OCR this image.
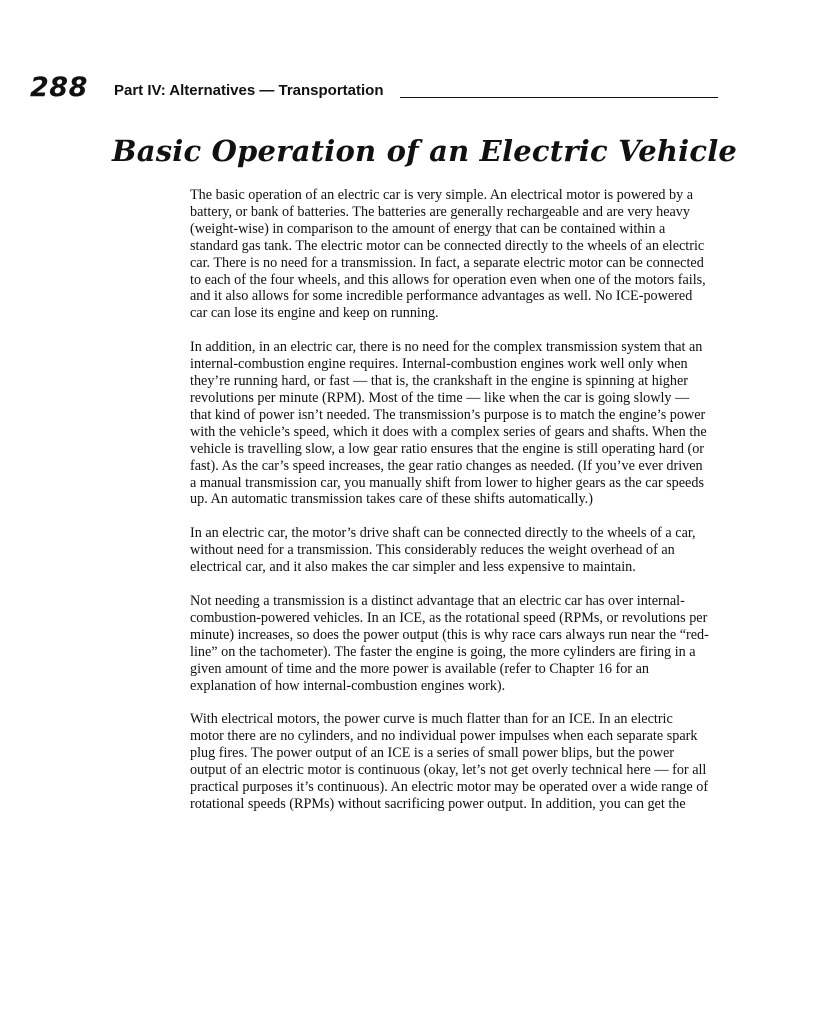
288 Part IV: Alternatives — Transportation
Basic Operation of an Electric Vehicle

The basic operation of an electric car is very simple. An electrical motor is powered by a battery, or bank of batteries. The batteries are generally rechargeable and are very heavy (weight-wise) in comparison to the amount of energy that can be contained within a standard gas tank. The electric motor can be connected directly to the wheels of an electric car. There is no need for a transmission. In fact, a separate electric motor can be connected to each of the four wheels, and this allows for operation even when one of the motors fails, and it also allows for some incredible performance advantages as well. No ICE-powered car can lose its engine and keep on running.

In addition, in an electric car, there is no need for the complex transmission system that an internal-combustion engine requires. Internal-combustion engines work well only when they’re running hard, or fast — that is, the crankshaft in the engine is spinning at higher revolutions per minute (RPM). Most of the time — like when the car is going slowly — that kind of power isn’t needed. The transmission’s purpose is to match the engine’s power with the vehicle’s speed, which it does with a complex series of gears and shafts. When the vehicle is travelling slow, a low gear ratio ensures that the engine is still operating hard (or fast). As the car’s speed increases, the gear ratio changes as needed. (If you’ve ever driven a manual transmission car, you manually shift from lower to higher gears as the car speeds up. An automatic transmission takes care of these shifts automatically.)

In an electric car, the motor’s drive shaft can be connected directly to the wheels of a car, without need for a transmission. This considerably reduces the weight overhead of an electrical car, and it also makes the car simpler and less expensive to maintain.

Not needing a transmission is a distinct advantage that an electric car has over internal-combustion-powered vehicles. In an ICE, as the rotational speed (RPMs, or revolutions per minute) increases, so does the power output (this is why race cars always run near the “red-line” on the tachometer). The faster the engine is going, the more cylinders are firing in a given amount of time and the more power is available (refer to Chapter 16 for an explanation of how internal-combustion engines work).

With electrical motors, the power curve is much flatter than for an ICE. In an electric motor there are no cylinders, and no individual power impulses when each separate spark plug fires. The power output of an ICE is a series of small power blips, but the power output of an electric motor is continuous (okay, let’s not get overly technical here — for all practical purposes it’s continuous). An electric motor may be operated over a wide range of rotational speeds (RPMs) without sacrificing power output. In addition, you can get the
